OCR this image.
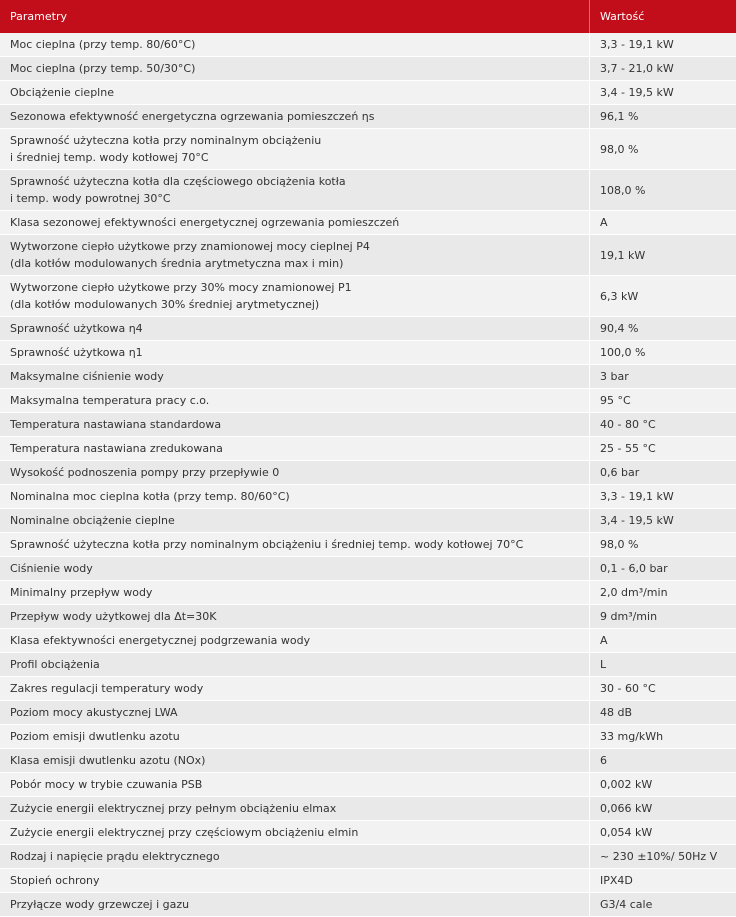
Parametry	Wartość
Moc cieplna (przy temp. 80/60°C)	3,3 - 19,1 kW
Moc cieplna (przy temp. 50/30°C)	3,7 - 21,0 kW
Obciążenie cieplne	3,4 - 19,5 kW
Sezonowa efektywność energetyczna ogrzewania pomieszczeń ηs	96,1 %
Sprawność użyteczna kotła przy nominalnym obciążeniu
i średniej temp. wody kotłowej 70°C	98,0 %
Sprawność użyteczna kotła dla częściowego obciążenia kotła
i temp. wody powrotnej 30°C	108,0 %
Klasa sezonowej efektywności energetycznej ogrzewania pomieszczeń	A
Wytworzone ciepło użytkowe przy znamionowej mocy cieplnej P4
(dla kotłów modulowanych średnia arytmetyczna max i min)	19,1 kW
Wytworzone ciepło użytkowe przy 30% mocy znamionowej P1
(dla kotłów modulowanych 30% średniej arytmetycznej)	6,3 kW
Sprawność użytkowa η4	90,4 %
Sprawność użytkowa η1	100,0 %
Maksymalne ciśnienie wody	3 bar
Maksymalna temperatura pracy c.o.	95 °C
Temperatura nastawiana standardowa	40 - 80 °C
Temperatura nastawiana zredukowana	25 - 55 °C
Wysokość podnoszenia pompy przy przepływie 0	0,6 bar
Nominalna moc cieplna kotła (przy temp. 80/60°C)	3,3 - 19,1 kW
Nominalne obciążenie cieplne	3,4 - 19,5 kW
Sprawność użyteczna kotła przy nominalnym obciążeniu i średniej temp. wody kotłowej 70°C	98,0 %
Ciśnienie wody	0,1 - 6,0 bar
Minimalny przepływ wody	2,0 dm³/min
Przepływ wody użytkowej dla Δt=30K	9 dm³/min
Klasa efektywności energetycznej podgrzewania wody	A
Profil obciążenia	L
Zakres regulacji temperatury wody	30 - 60 °C
Poziom mocy akustycznej LWA	48 dB
Poziom emisji dwutlenku azotu	33 mg/kWh
Klasa emisji dwutlenku azotu (NOx)	6
Pobór mocy w trybie czuwania PSB	0,002 kW
Zużycie energii elektrycznej przy pełnym obciążeniu elmax	0,066 kW
Zużycie energii elektrycznej przy częściowym obciążeniu elmin	0,054 kW
Rodzaj i napięcie prądu elektrycznego	~ 230 ±10%/ 50Hz V
Stopień ochrony	IPX4D
Przyłącze wody grzewczej i gazu	G3/4 cale
